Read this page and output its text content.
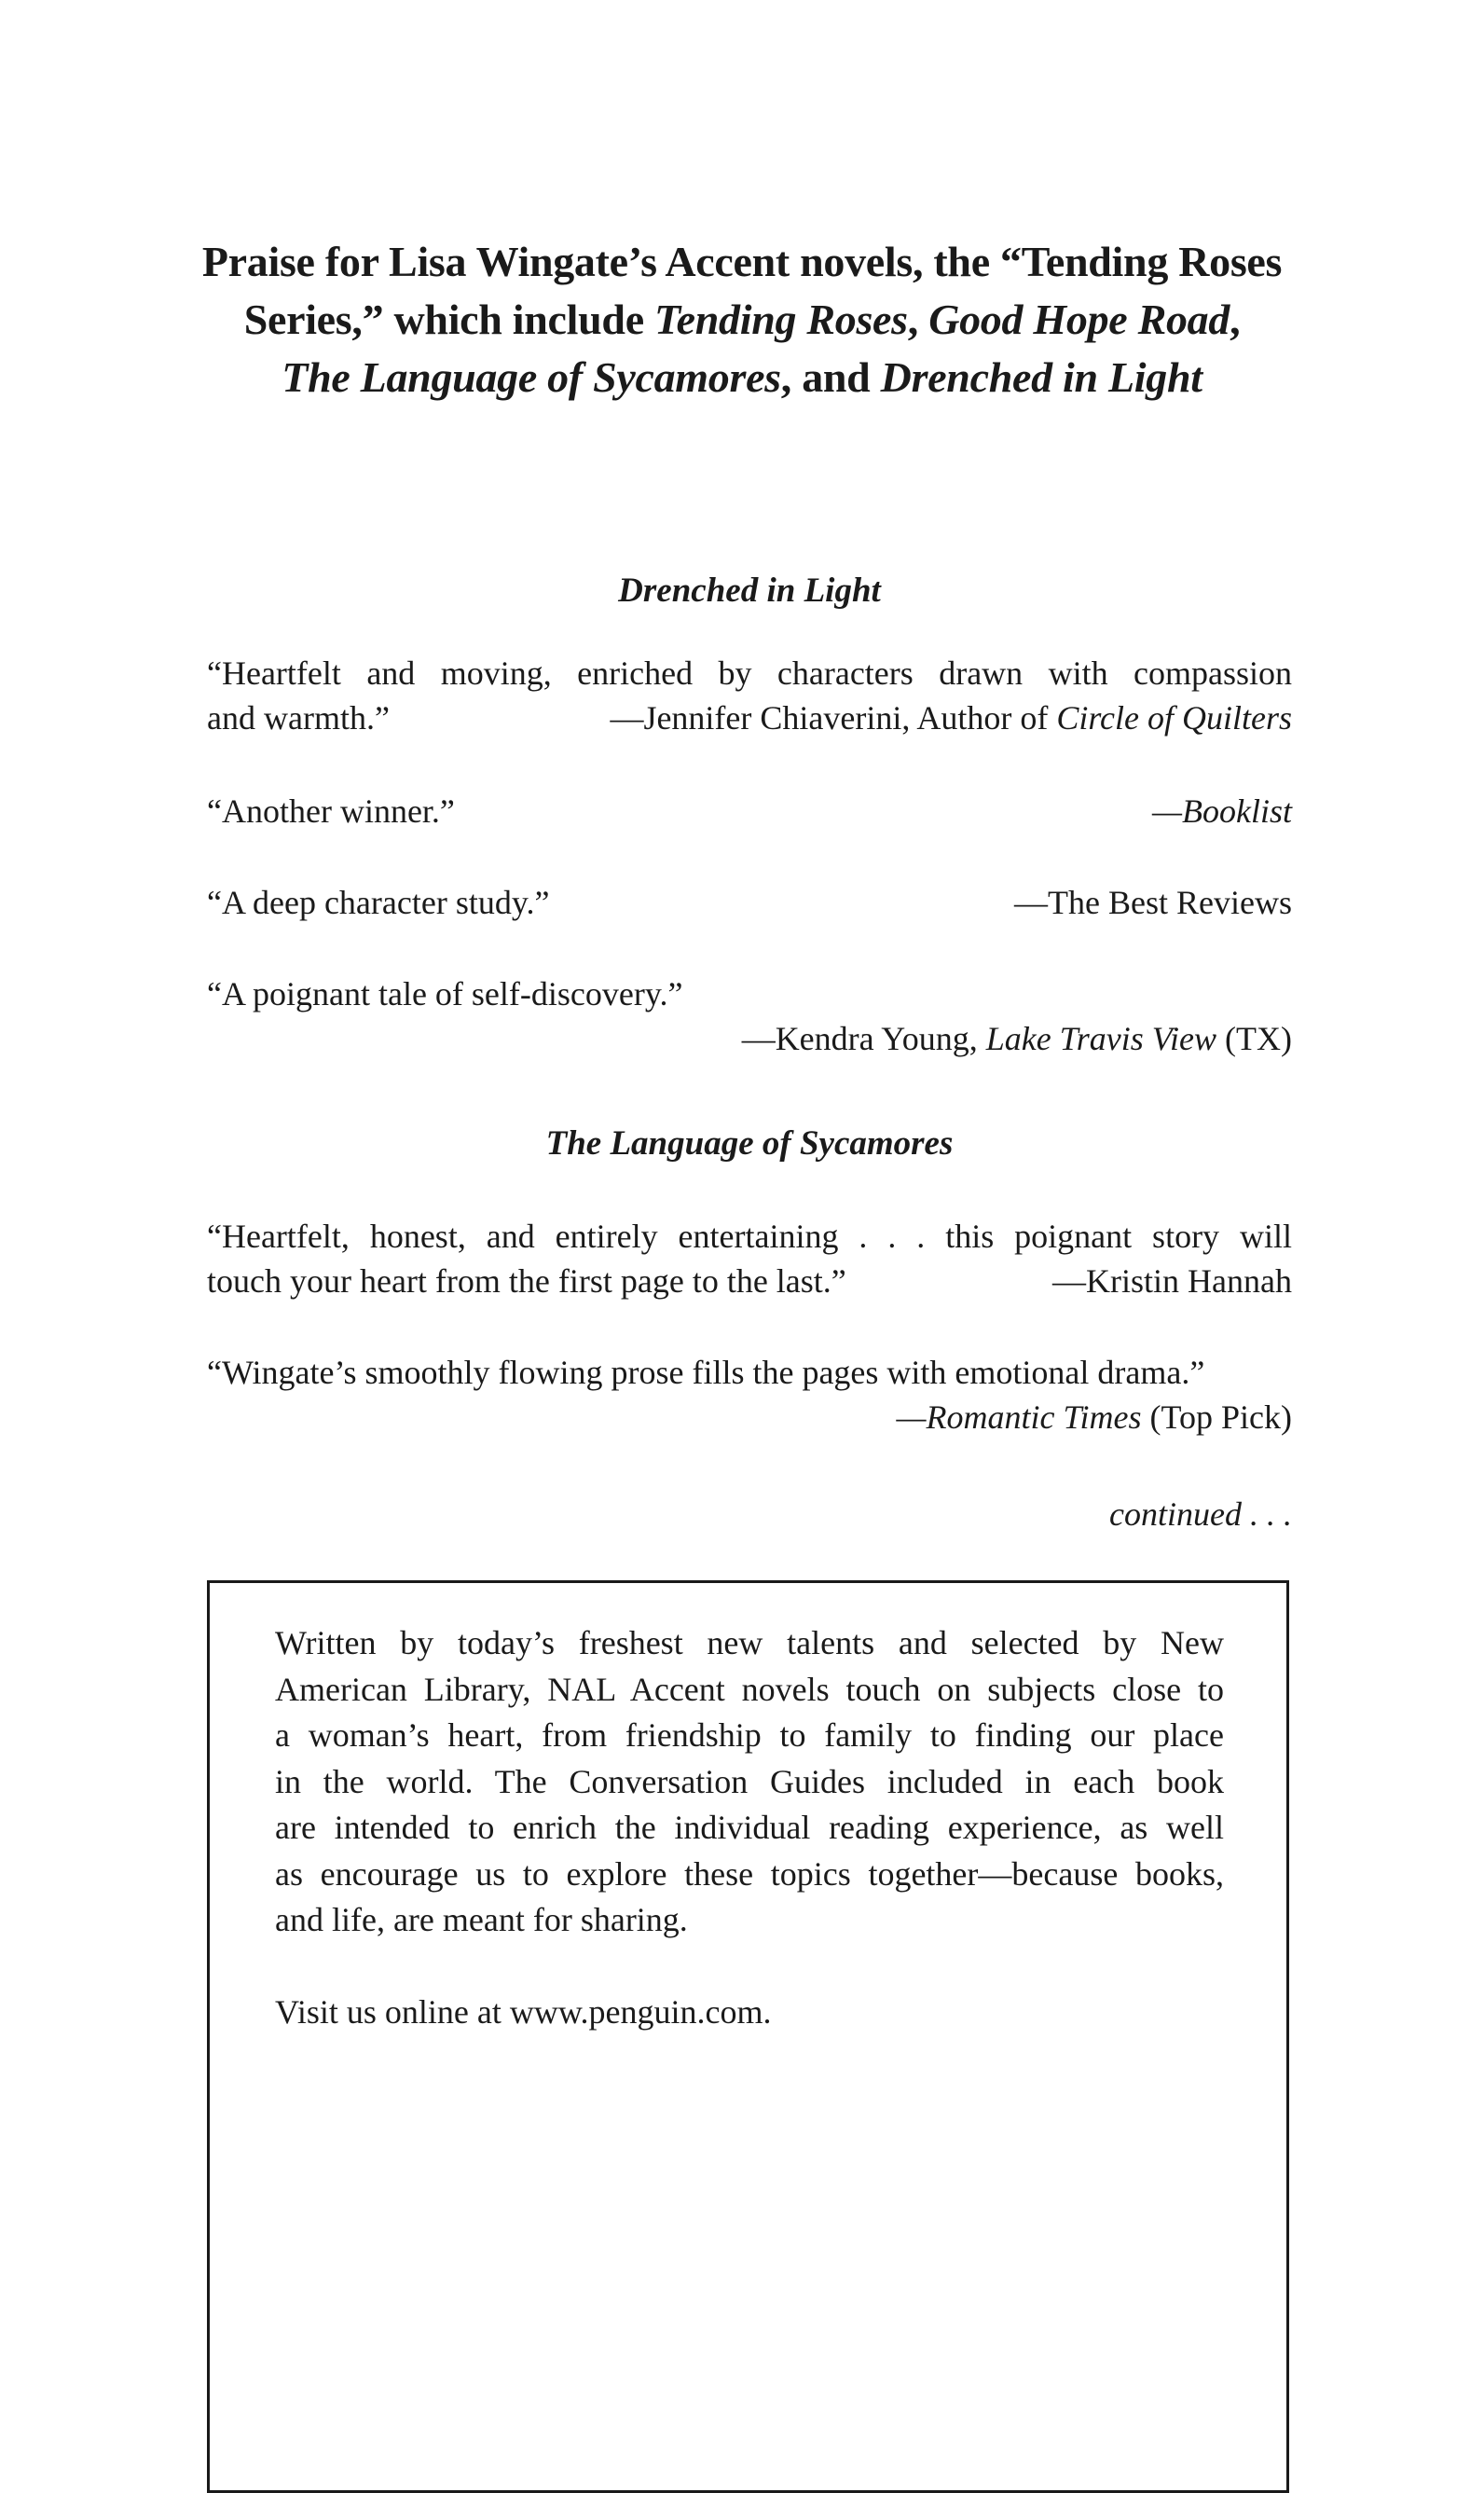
Praise for Lisa Wingate’s Accent novels, the “Tending Roses
Series,” which include Tending Roses, Good Hope Road,
The Language of Sycamores, and Drenched in Light
Drenched in Light
“Heartfelt and moving, enriched by characters drawn with compassion
and warmth.”	—Jennifer Chiaverini, Author of Circle of Quilters
“Another winner.”	—Booklist
“A deep character study.”	—The Best Reviews
“A poignant tale of self-discovery.”
—Kendra Young, Lake Travis View (TX)
The Language of Sycamores
“Heartfelt, honest, and entirely entertaining . . . this poignant story will
touch your heart from the first page to the last.”	—Kristin Hannah
“Wingate’s smoothly flowing prose fills the pages with emotional drama.”
—Romantic Times (Top Pick)
continued . . .
Written by today’s freshest new talents and selected by New
American Library, NAL Accent novels touch on subjects close to
a woman’s heart, from friendship to family to finding our place
in the world. The Conversation Guides included in each book
are intended to enrich the individual reading experience, as well
as encourage us to explore these topics together—because books,
and life, are meant for sharing.
Visit us online at www.penguin.com.
